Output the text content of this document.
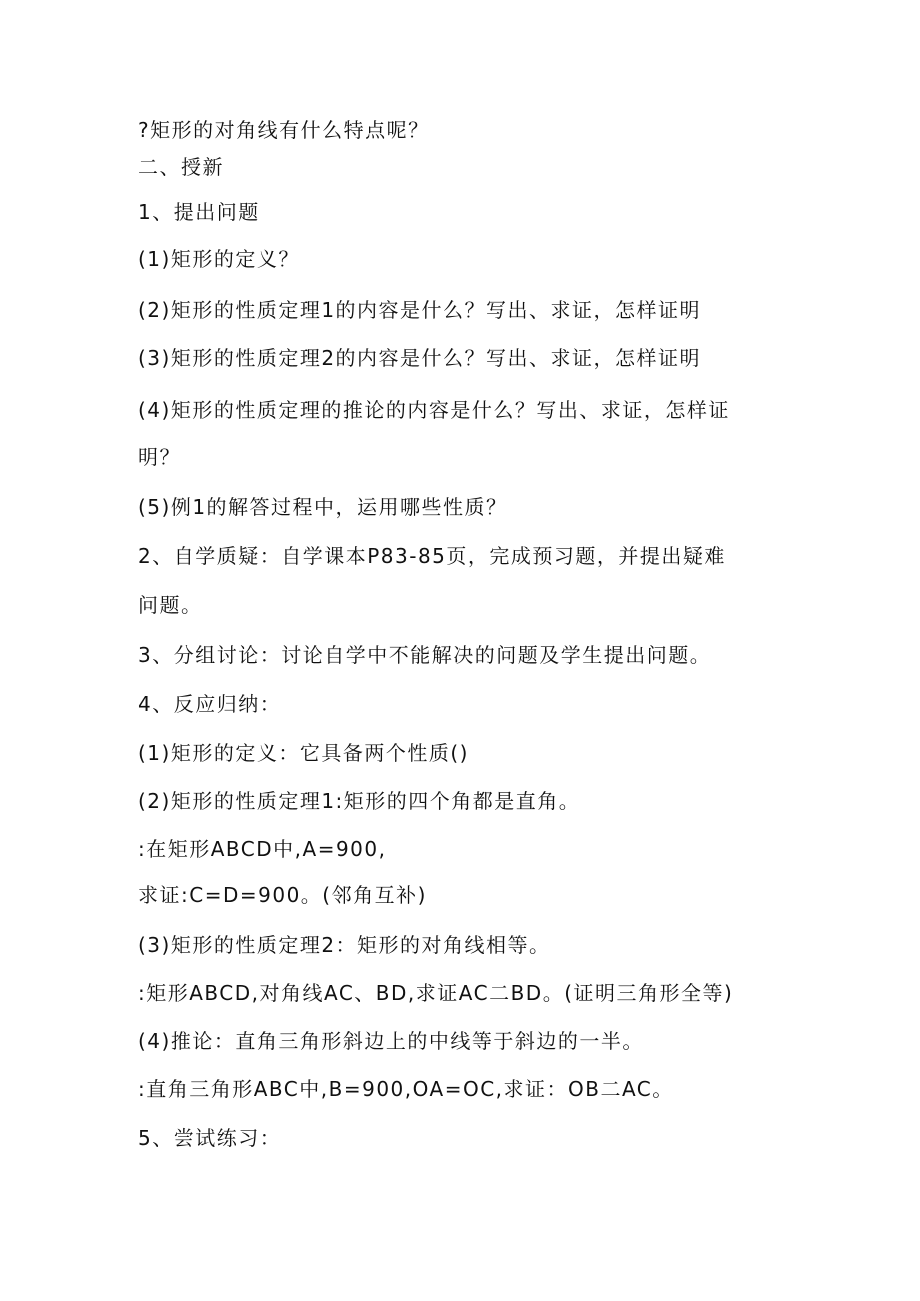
?矩形的对角线有什么特点呢？
二、授新
1、提出问题
(1)矩形的定义？
(2)矩形的性质定理1的内容是什么？写出、求证，怎样证明
(3)矩形的性质定理2的内容是什么？写出、求证，怎样证明
(4)矩形的性质定理的推论的内容是什么？写出、求证，怎样证
明？
(5)例1的解答过程中，运用哪些性质？
2、自学质疑：自学课本P83-85页，完成预习题，并提出疑难
问题。
3、分组讨论：讨论自学中不能解决的问题及学生提出问题。
4、反应归纳：
(1)矩形的定义：它具备两个性质()
(2)矩形的性质定理1:矩形的四个角都是直角。
:在矩形ABCD中,A=900,
求证:C=D=900。(邻角互补)
(3)矩形的性质定理2：矩形的对角线相等。
:矩形ABCD,对角线AC、BD,求证AC二BD。(证明三角形全等)
(4)推论：直角三角形斜边上的中线等于斜边的一半。
:直角三角形ABC中,B=900,OA=OC,求证：OB二AC。
5、尝试练习：
